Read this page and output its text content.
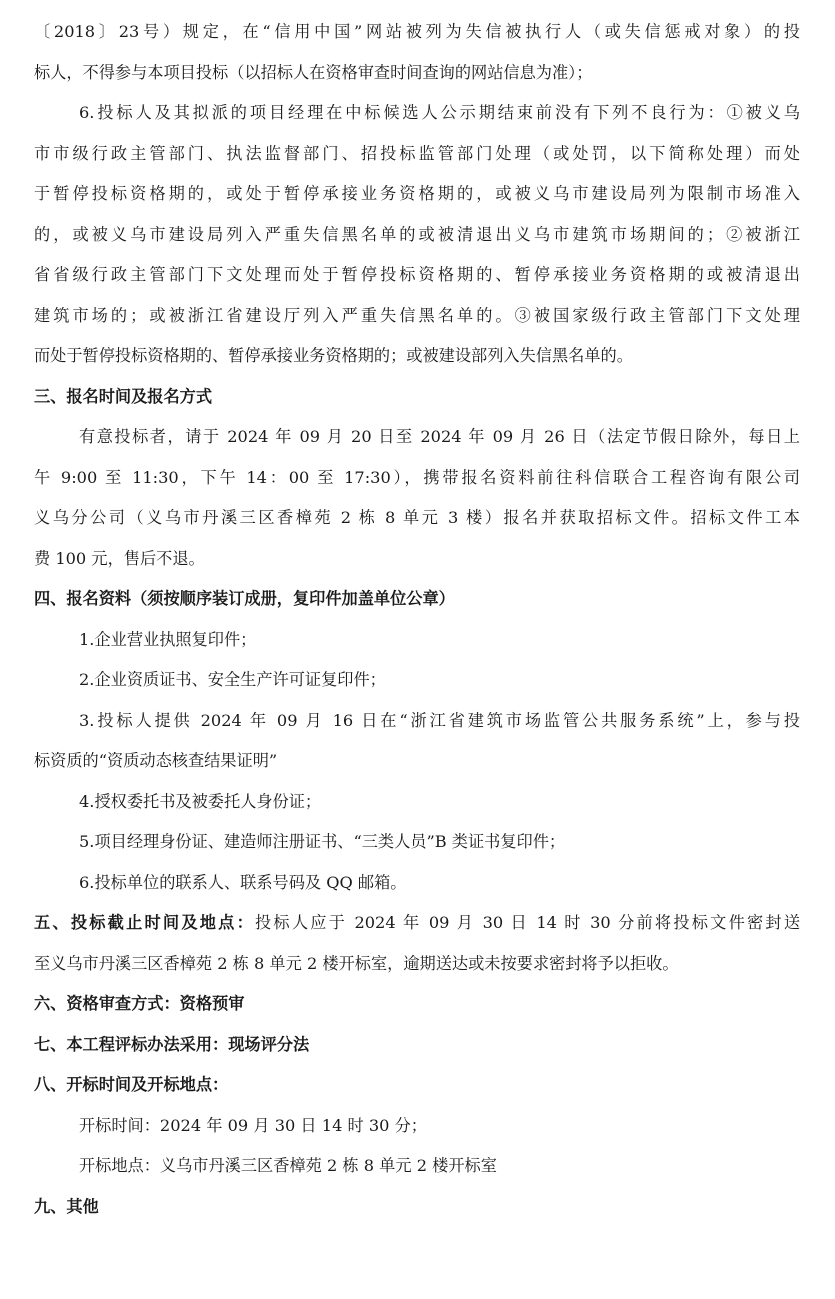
〔2018〕23号）规定，在“信用中国”网站被列为失信被执行人（或失信惩戒对象）的投
标人，不得参与本项目投标（以招标人在资格审查时间查询的网站信息为准）；
6.投标人及其拟派的项目经理在中标候选人公示期结束前没有下列不良行为：①被义乌
市市级行政主管部门、执法监督部门、招投标监管部门处理（或处罚，以下简称处理）而处
于暂停投标资格期的，或处于暂停承接业务资格期的，或被义乌市建设局列为限制市场准入
的，或被义乌市建设局列入严重失信黑名单的或被清退出义乌市建筑市场期间的；②被浙江
省省级行政主管部门下文处理而处于暂停投标资格期的、暂停承接业务资格期的或被清退出
建筑市场的；或被浙江省建设厅列入严重失信黑名单的。③被国家级行政主管部门下文处理
而处于暂停投标资格期的、暂停承接业务资格期的；或被建设部列入失信黑名单的。
三、报名时间及报名方式
有意投标者，请于 2024 年 09 月 20 日至 2024 年 09 月 26 日（法定节假日除外，每日上
午 9:00 至 11:30，下午 14：00 至 17:30），携带报名资料前往科信联合工程咨询有限公司
义乌分公司（义乌市丹溪三区香樟苑 2 栋 8 单元 3 楼）报名并获取招标文件。招标文件工本
费 100 元，售后不退。
四、报名资料（须按顺序装订成册，复印件加盖单位公章）
1.企业营业执照复印件；
2.企业资质证书、安全生产许可证复印件；
3.投标人提供 2024 年 09 月 16 日在“浙江省建筑市场监管公共服务系统”上，参与投
标资质的“资质动态核查结果证明”
4.授权委托书及被委托人身份证；
5.项目经理身份证、建造师注册证书、“三类人员”B 类证书复印件；
6.投标单位的联系人、联系号码及 QQ 邮箱。
五、投标截止时间及地点：投标人应于 2024 年 09 月 30 日 14 时 30 分前将投标文件密封送
至义乌市丹溪三区香樟苑 2 栋 8 单元 2 楼开标室，逾期送达或未按要求密封将予以拒收。
六、资格审查方式：资格预审
七、本工程评标办法采用：现场评分法
八、开标时间及开标地点：
开标时间：2024 年 09 月 30 日 14 时 30 分；
开标地点：义乌市丹溪三区香樟苑 2 栋 8 单元 2 楼开标室
九、其他
